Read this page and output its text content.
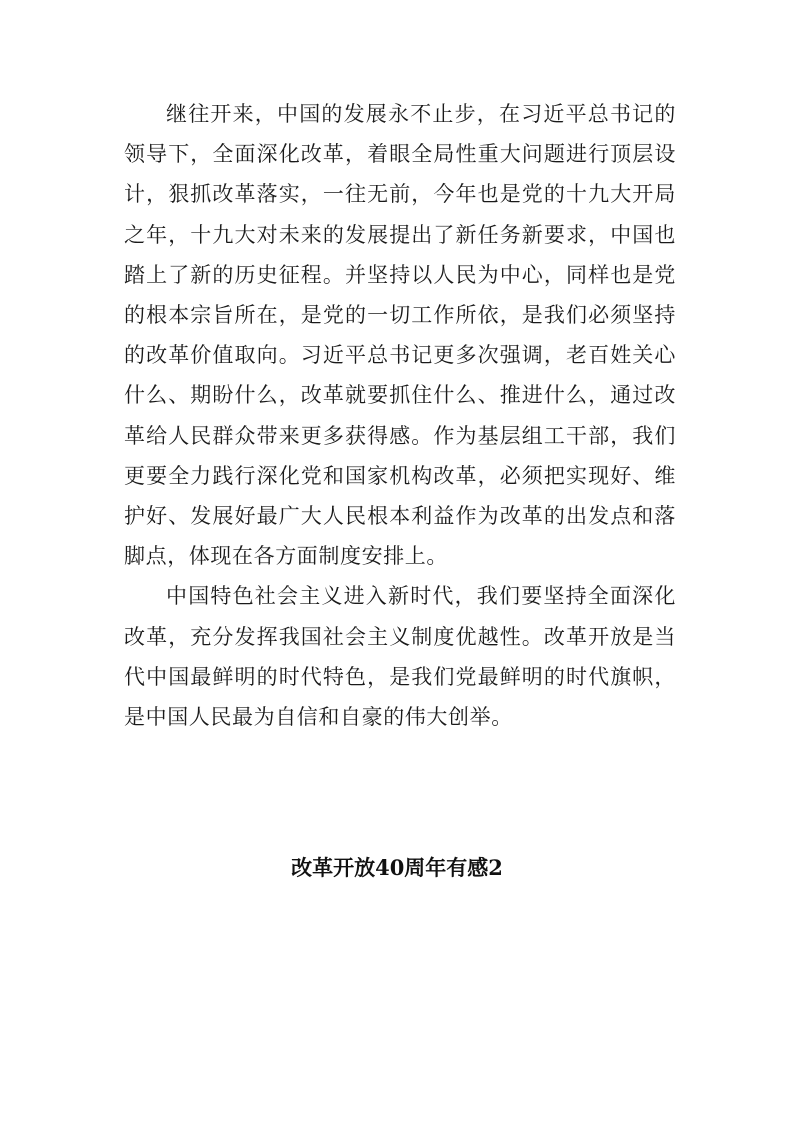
继往开来，中国的发展永不止步，在习近平总书记的领导下，全面深化改革，着眼全局性重大问题进行顶层设计，狠抓改革落实，一往无前，今年也是党的十九大开局之年，十九大对未来的发展提出了新任务新要求，中国也踏上了新的历史征程。并坚持以人民为中心，同样也是党的根本宗旨所在，是党的一切工作所依，是我们必须坚持的改革价值取向。习近平总书记更多次强调，老百姓关心什么、期盼什么，改革就要抓住什么、推进什么，通过改革给人民群众带来更多获得感。作为基层组工干部，我们更要全力践行深化党和国家机构改革，必须把实现好、维护好、发展好最广大人民根本利益作为改革的出发点和落脚点，体现在各方面制度安排上。

中国特色社会主义进入新时代，我们要坚持全面深化改革，充分发挥我国社会主义制度优越性。改革开放是当代中国最鲜明的时代特色，是我们党最鲜明的时代旗帜，是中国人民最为自信和自豪的伟大创举。

改革开放40周年有感2
